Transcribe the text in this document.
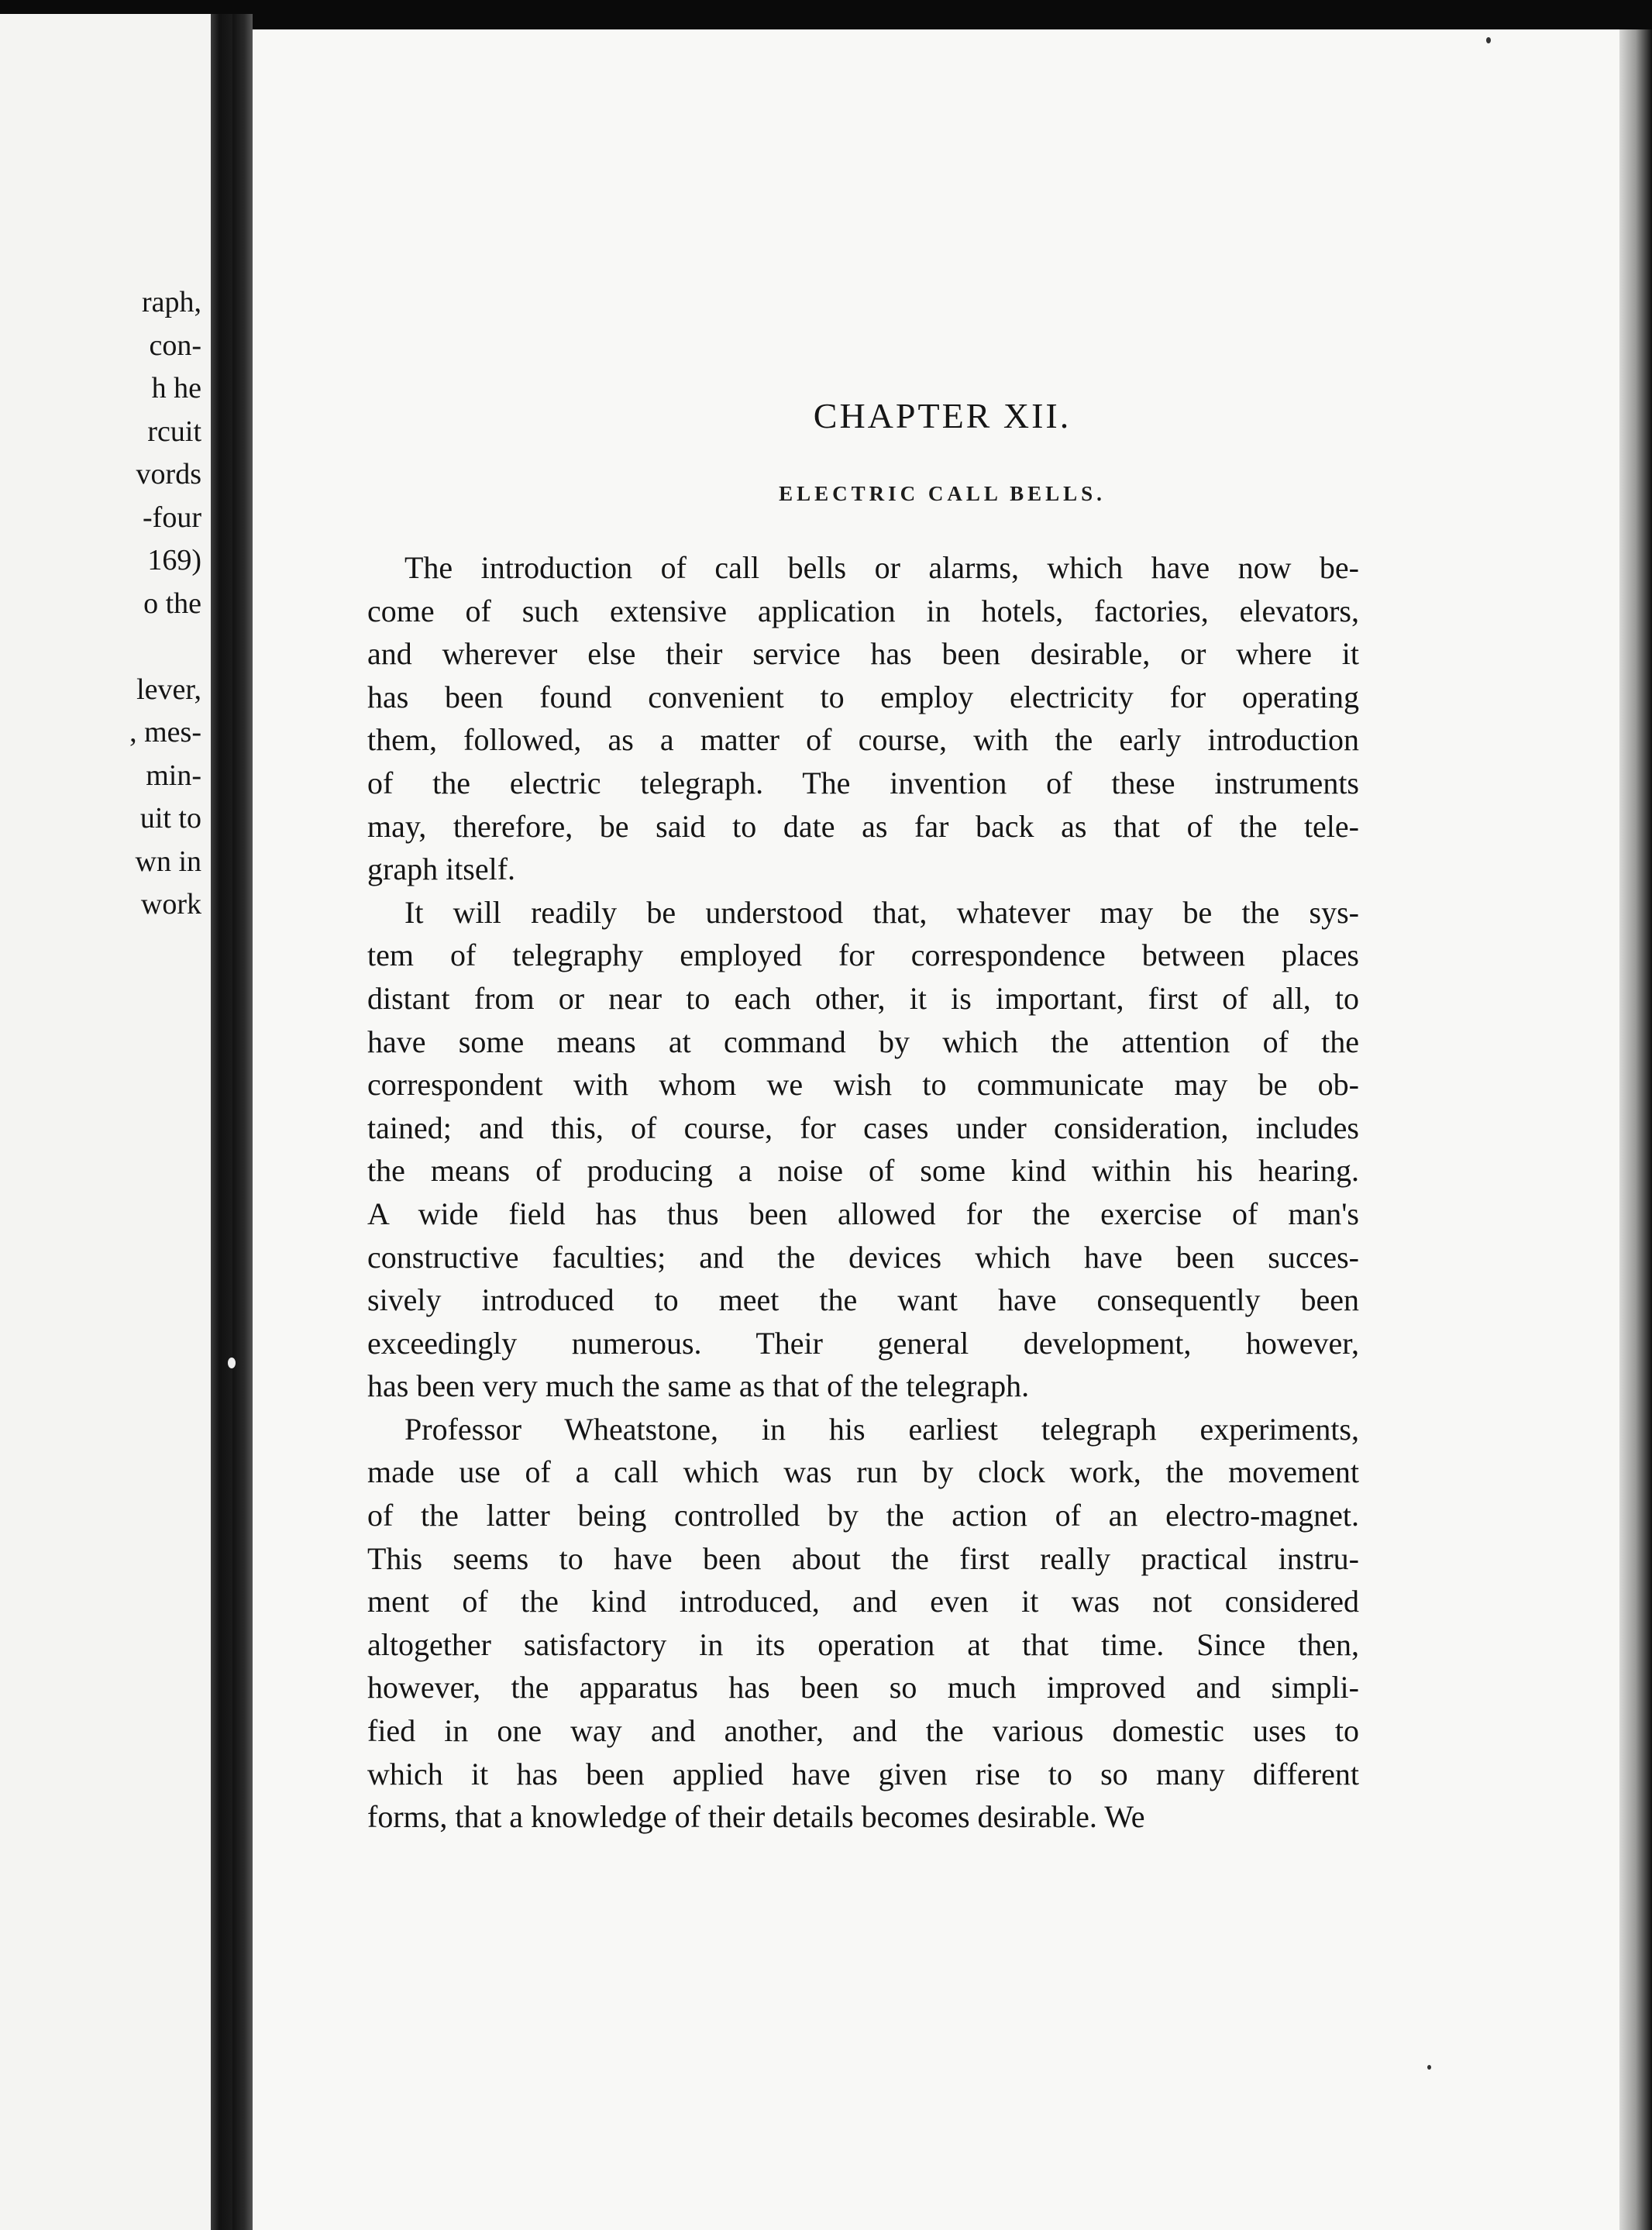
raph,
con-
h he
rcuit
vords
-four
169)
o the
lever,
, mes-
min-
uit to
wn in
work
CHAPTER XII.
ELECTRIC CALL BELLS.
The introduction of call bells or alarms, which have now be-
come of such extensive application in hotels, factories, elevators,
and wherever else their service has been desirable, or where it
has been found convenient to employ electricity for operating
them, followed, as a matter of course, with the early introduction
of the electric telegraph. The invention of these instruments
may, therefore, be said to date as far back as that of the tele-
graph itself.
It will readily be understood that, whatever may be the sys-
tem of telegraphy employed for correspondence between places
distant from or near to each other, it is important, first of all, to
have some means at command by which the attention of the
correspondent with whom we wish to communicate may be ob-
tained; and this, of course, for cases under consideration, includes
the means of producing a noise of some kind within his hearing.
A wide field has thus been allowed for the exercise of man's
constructive faculties; and the devices which have been succes-
sively introduced to meet the want have consequently been
exceedingly numerous. Their general development, however,
has been very much the same as that of the telegraph.
Professor Wheatstone, in his earliest telegraph experiments,
made use of a call which was run by clock work, the movement
of the latter being controlled by the action of an electro-magnet.
This seems to have been about the first really practical instru-
ment of the kind introduced, and even it was not considered
altogether satisfactory in its operation at that time. Since then,
however, the apparatus has been so much improved and simpli-
fied in one way and another, and the various domestic uses to
which it has been applied have given rise to so many different
forms, that a knowledge of their details becomes desirable. We
